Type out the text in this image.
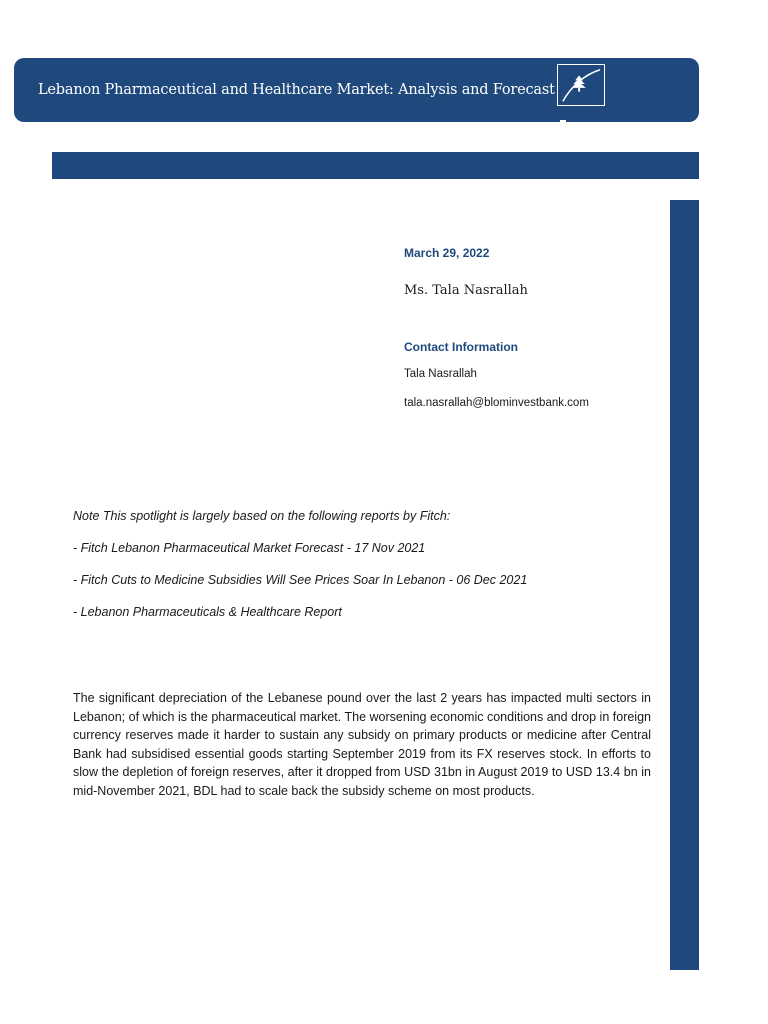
Lebanon Pharmaceutical and Healthcare Market: Analysis and Forecast
March 29, 2022
Ms. Tala Nasrallah
Contact Information
Tala Nasrallah
tala.nasrallah@blominvestbank.com

Note This spotlight is largely based on the following reports by Fitch:

- Fitch Lebanon Pharmaceutical Market Forecast - 17 Nov 2021

- Fitch Cuts to Medicine Subsidies Will See Prices Soar In Lebanon - 06 Dec 2021

- Lebanon Pharmaceuticals & Healthcare Report

The significant depreciation of the Lebanese pound over the last 2 years has impacted multi sectors in Lebanon; of which is the pharmaceutical market. The worsening economic conditions and drop in foreign currency reserves made it harder to sustain any subsidy on primary products or medicine after Central Bank had subsidised essential goods starting September 2019 from its FX reserves stock. In efforts to slow the depletion of foreign reserves, after it dropped from USD 31bn in August 2019 to USD 13.4 bn in mid-November 2021, BDL had to scale back the subsidy scheme on most products.
